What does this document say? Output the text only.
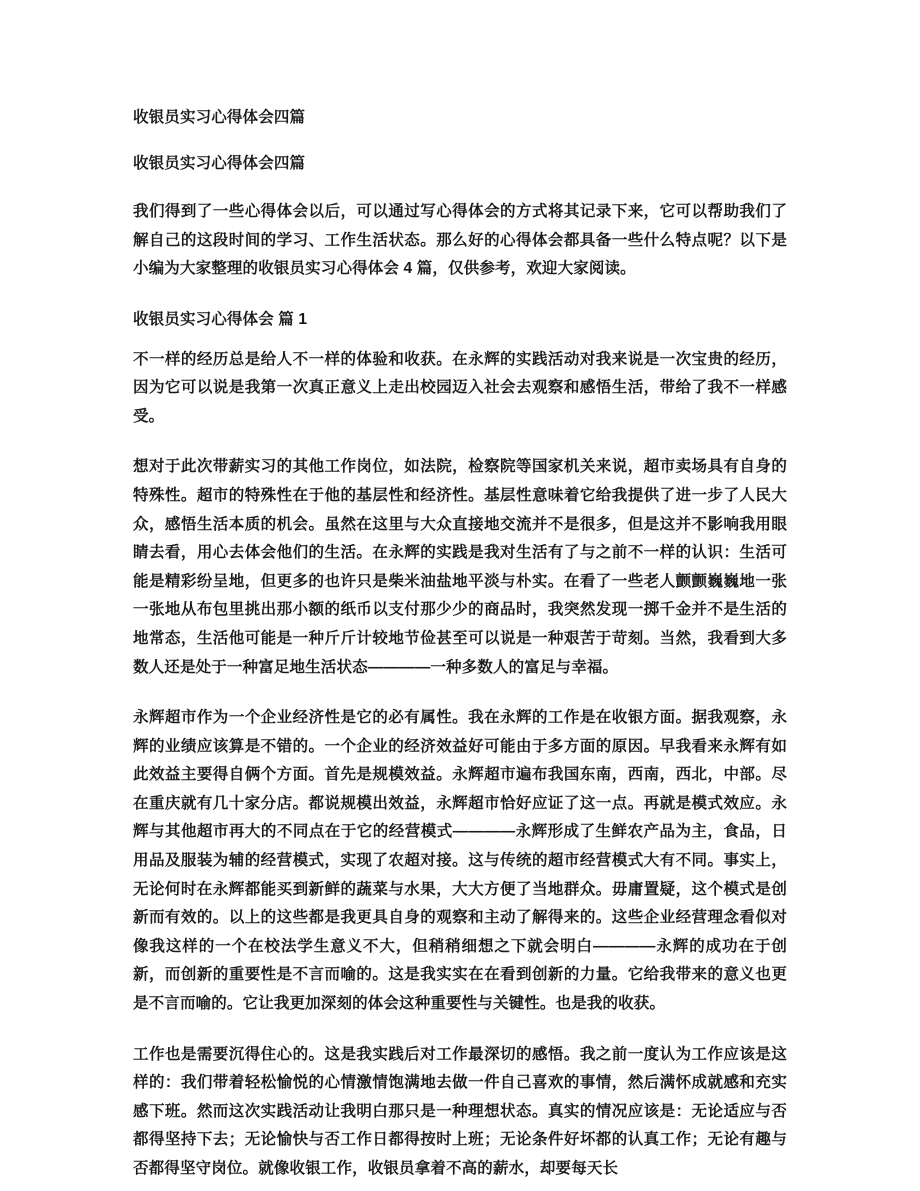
收银员实习心得体会四篇
收银员实习心得体会四篇

我们得到了一些心得体会以后，可以通过写心得体会的方式将其记录下来，它可以帮助我们了解自己的这段时间的学习、工作生活状态。那么好的心得体会都具备一些什么特点呢？以下是小编为大家整理的收银员实习心得体会 4 篇，仅供参考，欢迎大家阅读。

收银员实习心得体会 篇 1

不一样的经历总是给人不一样的体验和收获。在永辉的实践活动对我来说是一次宝贵的经历，因为它可以说是我第一次真正意义上走出校园迈入社会去观察和感悟生活，带给了我不一样感受。

想对于此次带薪实习的其他工作岗位，如法院，检察院等国家机关来说，超市卖场具有自身的特殊性。超市的特殊性在于他的基层性和经济性。基层性意味着它给我提供了进一步了人民大众，感悟生活本质的机会。虽然在这里与大众直接地交流并不是很多，但是这并不影响我用眼睛去看，用心去体会他们的生活。在永辉的实践是我对生活有了与之前不一样的认识：生活可能是精彩纷呈地，但更多的也许只是柴米油盐地平淡与朴实。在看了一些老人颤颤巍巍地一张一张地从布包里挑出那小额的纸币以支付那少少的商品时，我突然发现一掷千金并不是生活的地常态，生活他可能是一种斤斤计较地节俭甚至可以说是一种艰苦于苛刻。当然，我看到大多数人还是处于一种富足地生活状态————一种多数人的富足与幸福。

永辉超市作为一个企业经济性是它的必有属性。我在永辉的工作是在收银方面。据我观察，永辉的业绩应该算是不错的。一个企业的经济效益好可能由于多方面的原因。早我看来永辉有如此效益主要得自俩个方面。首先是规模效益。永辉超市遍布我国东南，西南，西北，中部。尽在重庆就有几十家分店。都说规模出效益，永辉超市恰好应证了这一点。再就是模式效应。永辉与其他超市再大的不同点在于它的经营模式————永辉形成了生鲜农产品为主，食品，日用品及服装为辅的经营模式，实现了农超对接。这与传统的超市经营模式大有不同。事实上，无论何时在永辉都能买到新鲜的蔬菜与水果，大大方便了当地群众。毋庸置疑，这个模式是创新而有效的。以上的这些都是我更具自身的观察和主动了解得来的。这些企业经营理念看似对像我这样的一个在校法学生意义不大，但稍稍细想之下就会明白————永辉的成功在于创新，而创新的重要性是不言而喻的。这是我实实在在看到创新的力量。它给我带来的意义也更是不言而喻的。它让我更加深刻的体会这种重要性与关键性。也是我的收获。

工作也是需要沉得住心的。这是我实践后对工作最深切的感悟。我之前一度认为工作应该是这样的：我们带着轻松愉悦的心情激情饱满地去做一件自己喜欢的事情，然后满怀成就感和充实感下班。然而这次实践活动让我明白那只是一种理想状态。真实的情况应该是：无论适应与否都得坚持下去；无论愉快与否工作日都得按时上班；无论条件好坏都的认真工作；无论有趣与否都得坚守岗位。就像收银工作，收银员拿着不高的薪水，却要每天长
